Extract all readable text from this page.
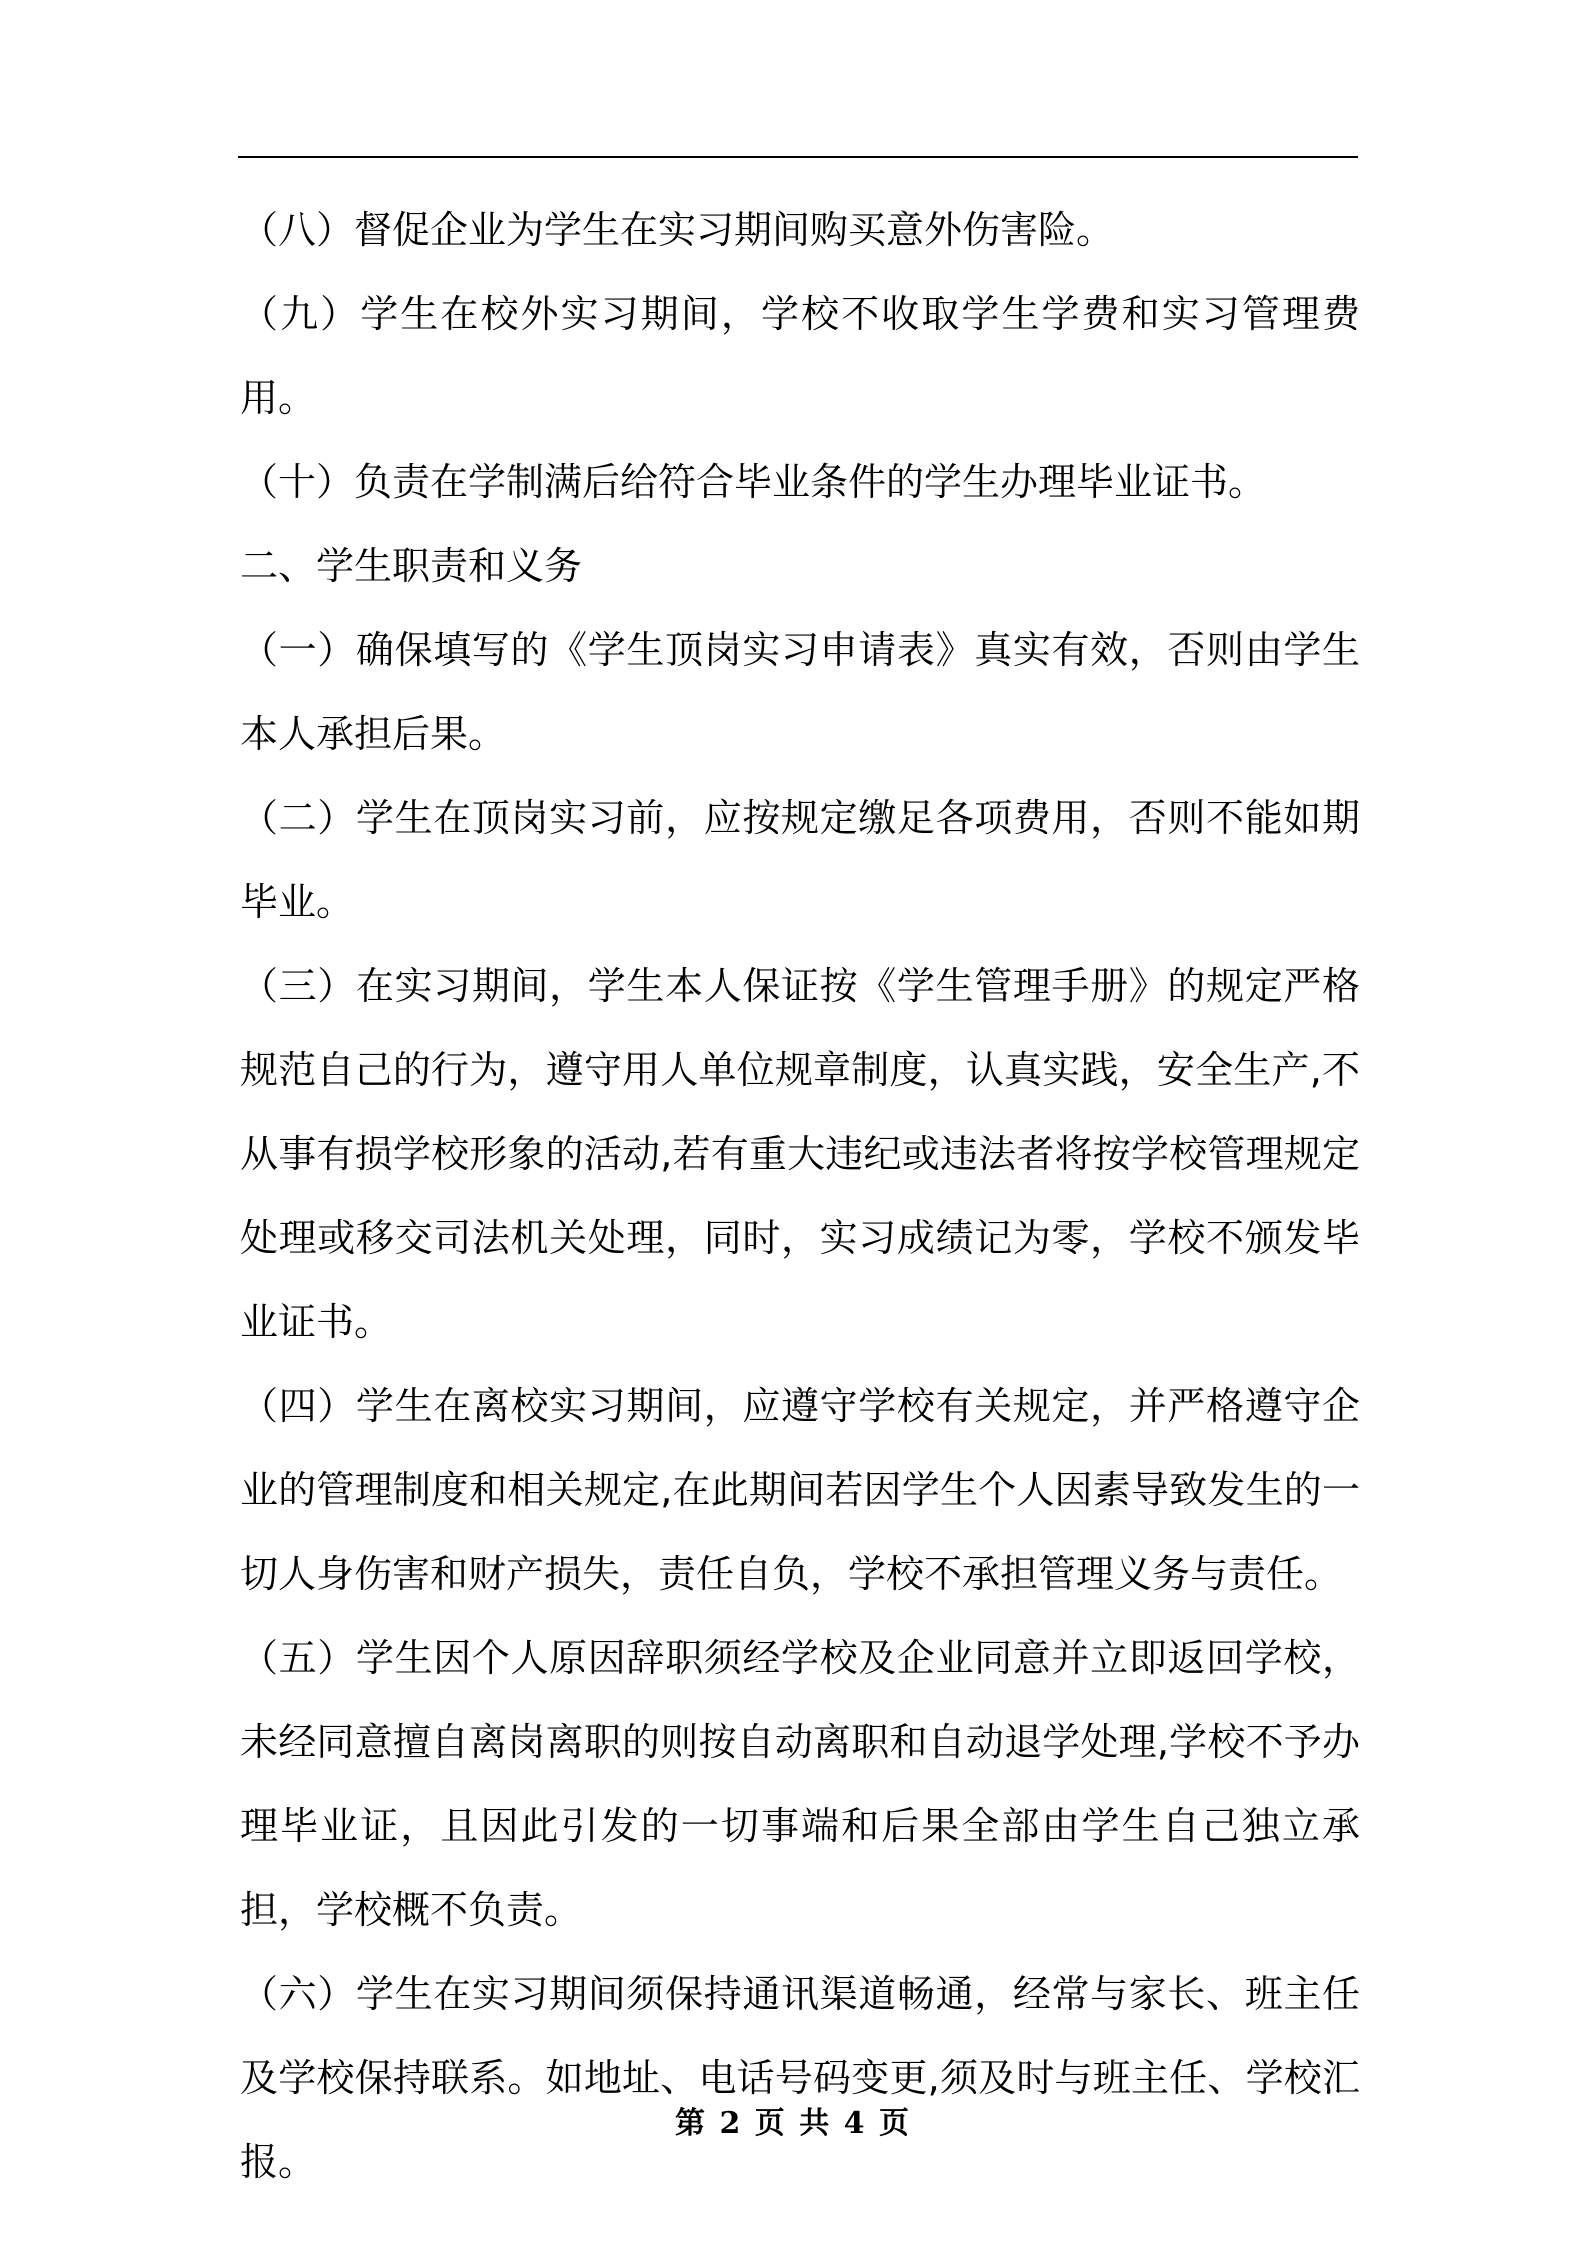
（八）督促企业为学生在实习期间购买意外伤害险。

（九）学生在校外实习期间，学校不收取学生学费和实习管理费用。

（十）负责在学制满后给符合毕业条件的学生办理毕业证书。

二、学生职责和义务

（一）确保填写的《学生顶岗实习申请表》真实有效，否则由学生本人承担后果。

（二）学生在顶岗实习前，应按规定缴足各项费用，否则不能如期毕业。

（三）在实习期间，学生本人保证按《学生管理手册》的规定严格规范自己的行为，遵守用人单位规章制度，认真实践，安全生产,不从事有损学校形象的活动,若有重大违纪或违法者将按学校管理规定处理或移交司法机关处理，同时，实习成绩记为零，学校不颁发毕业证书。

（四）学生在离校实习期间，应遵守学校有关规定，并严格遵守企业的管理制度和相关规定,在此期间若因学生个人因素导致发生的一切人身伤害和财产损失，责任自负，学校不承担管理义务与责任。

（五）学生因个人原因辞职须经学校及企业同意并立即返回学校，未经同意擅自离岗离职的则按自动离职和自动退学处理,学校不予办理毕业证，且因此引发的一切事端和后果全部由学生自己独立承担，学校概不负责。

（六）学生在实习期间须保持通讯渠道畅通，经常与家长、班主任及学校保持联系。如地址、电话号码变更,须及时与班主任、学校汇报。

第 2 页 共 4 页
